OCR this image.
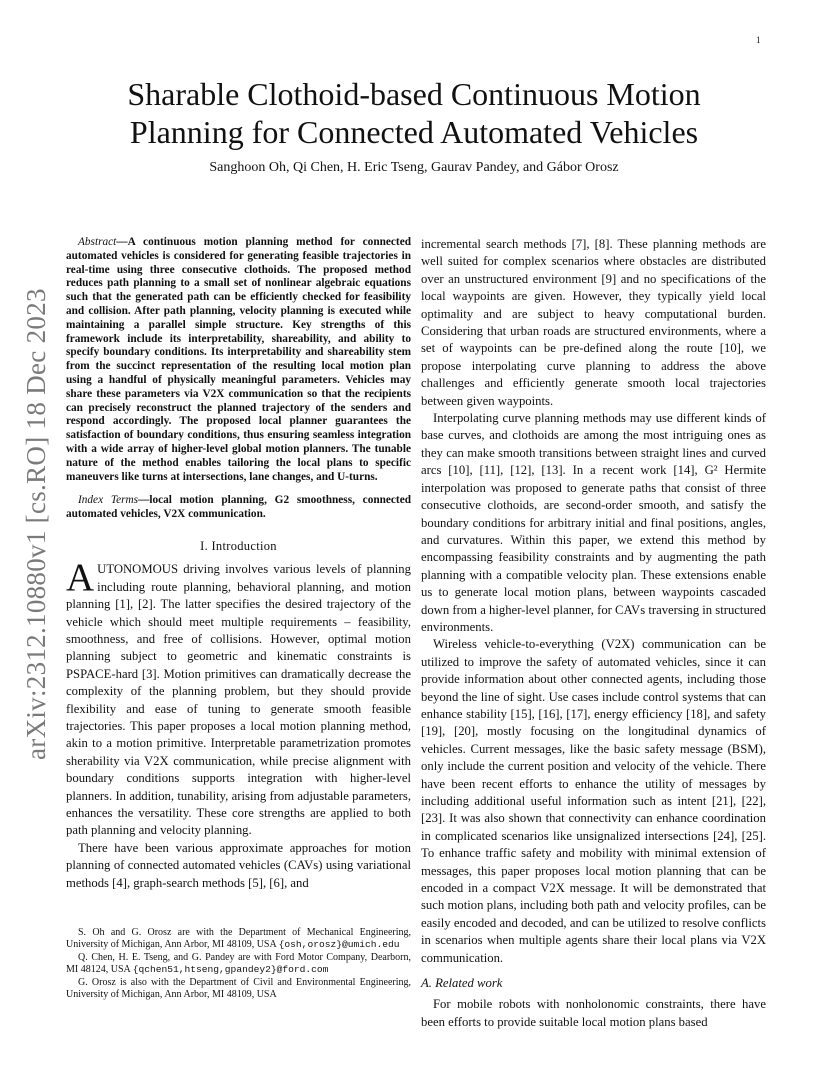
1
arXiv:2312.10880v1 [cs.RO] 18 Dec 2023
Sharable Clothoid-based Continuous Motion
Planning for Connected Automated Vehicles
Sanghoon Oh, Qi Chen, H. Eric Tseng, Gaurav Pandey, and Gábor Orosz

Abstract—A continuous motion planning method for connected automated vehicles is considered for generating feasible trajectories in real-time using three consecutive clothoids. The proposed method reduces path planning to a small set of nonlinear algebraic equations such that the generated path can be efficiently checked for feasibility and collision. After path planning, velocity planning is executed while maintaining a parallel simple structure. Key strengths of this framework include its interpretability, shareability, and ability to specify boundary conditions. Its interpretability and shareability stem from the succinct representation of the resulting local motion plan using a handful of physically meaningful parameters. Vehicles may share these parameters via V2X communication so that the recipients can precisely reconstruct the planned trajectory of the senders and respond accordingly. The proposed local planner guarantees the satisfaction of boundary conditions, thus ensuring seamless integration with a wide array of higher-level global motion planners. The tunable nature of the method enables tailoring the local plans to specific maneuvers like turns at intersections, lane changes, and U-turns.

Index Terms—local motion planning, G2 smoothness, connected automated vehicles, V2X communication.

I. Introduction

AUTONOMOUS driving involves various levels of planning including route planning, behavioral planning, and motion planning [1], [2]. The latter specifies the desired trajectory of the vehicle which should meet multiple requirements – feasibility, smoothness, and free of collisions. However, optimal motion planning subject to geometric and kinematic constraints is PSPACE-hard [3]. Motion primitives can dramatically decrease the complexity of the planning problem, but they should provide flexibility and ease of tuning to generate smooth feasible trajectories. This paper proposes a local motion planning method, akin to a motion primitive. Interpretable parametrization promotes sherability via V2X communication, while precise alignment with boundary conditions supports integration with higher-level planners. In addition, tunability, arising from adjustable parameters, enhances the versatility. These core strengths are applied to both path planning and velocity planning.

There have been various approximate approaches for motion planning of connected automated vehicles (CAVs) using variational methods [4], graph-search methods [5], [6], and

S. Oh and G. Orosz are with the Department of Mechanical Engineering, University of Michigan, Ann Arbor, MI 48109, USA {osh,orosz}@umich.edu

Q. Chen, H. E. Tseng, and G. Pandey are with Ford Motor Company, Dearborn, MI 48124, USA {qchen51,htseng,gpandey2}@ford.com

G. Orosz is also with the Department of Civil and Environmental Engineering, University of Michigan, Ann Arbor, MI 48109, USA

incremental search methods [7], [8]. These planning methods are well suited for complex scenarios where obstacles are distributed over an unstructured environment [9] and no specifications of the local waypoints are given. However, they typically yield local optimality and are subject to heavy computational burden. Considering that urban roads are structured environments, where a set of waypoints can be pre-defined along the route [10], we propose interpolating curve planning to address the above challenges and efficiently generate smooth local trajectories between given waypoints.

Interpolating curve planning methods may use different kinds of base curves, and clothoids are among the most intriguing ones as they can make smooth transitions between straight lines and curved arcs [10], [11], [12], [13]. In a recent work [14], G² Hermite interpolation was proposed to generate paths that consist of three consecutive clothoids, are second-order smooth, and satisfy the boundary conditions for arbitrary initial and final positions, angles, and curvatures. Within this paper, we extend this method by encompassing feasibility constraints and by augmenting the path planning with a compatible velocity plan. These extensions enable us to generate local motion plans, between waypoints cascaded down from a higher-level planner, for CAVs traversing in structured environments.

Wireless vehicle-to-everything (V2X) communication can be utilized to improve the safety of automated vehicles, since it can provide information about other connected agents, including those beyond the line of sight. Use cases include control systems that can enhance stability [15], [16], [17], energy efficiency [18], and safety [19], [20], mostly focusing on the longitudinal dynamics of vehicles. Current messages, like the basic safety message (BSM), only include the current position and velocity of the vehicle. There have been recent efforts to enhance the utility of messages by including additional useful information such as intent [21], [22], [23]. It was also shown that connectivity can enhance coordination in complicated scenarios like unsignalized intersections [24], [25]. To enhance traffic safety and mobility with minimal extension of messages, this paper proposes local motion planning that can be encoded in a compact V2X message. It will be demonstrated that such motion plans, including both path and velocity profiles, can be easily encoded and decoded, and can be utilized to resolve conflicts in scenarios when multiple agents share their local plans via V2X communication.

A. Related work

For mobile robots with nonholonomic constraints, there have been efforts to provide suitable local motion plans based
